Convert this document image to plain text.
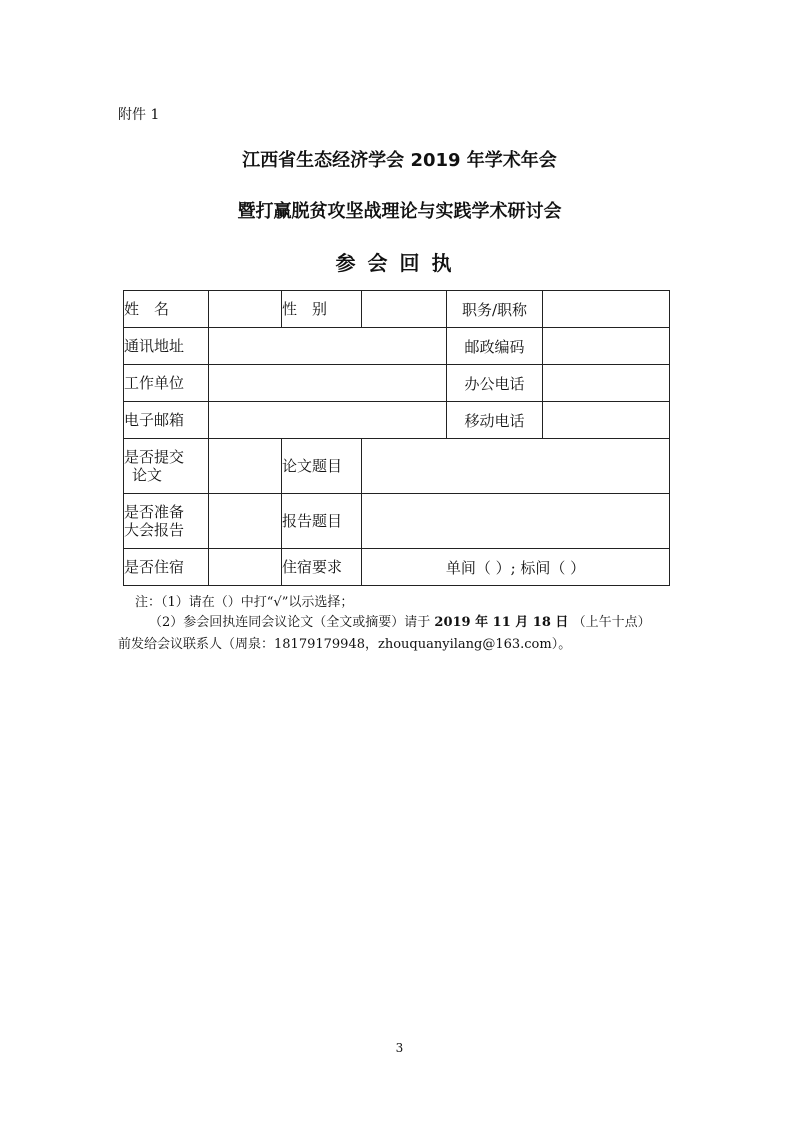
附件 1
江西省生态经济学会 2019 年学术年会
暨打赢脱贫攻坚战理论与实践学术研讨会
参会回执
姓　名		性　别		职务/职称	
通讯地址				邮政编码	
工作单位				办公电话	
电子邮箱				移动电话	
是否提交
论文		论文题目			
是否准备
大会报告		报告题目			
是否住宿		住宿要求	单间（ ）; 标间（ ）		
注：（1）请在（）中打“√”以示选择；
（2）参会回执连同会议论文（全文或摘要）请于 2019 年 11 月 18 日 （上午十点）
前发给会议联系人（周泉：18179179948，zhouquanyilang@163.com）。
3
